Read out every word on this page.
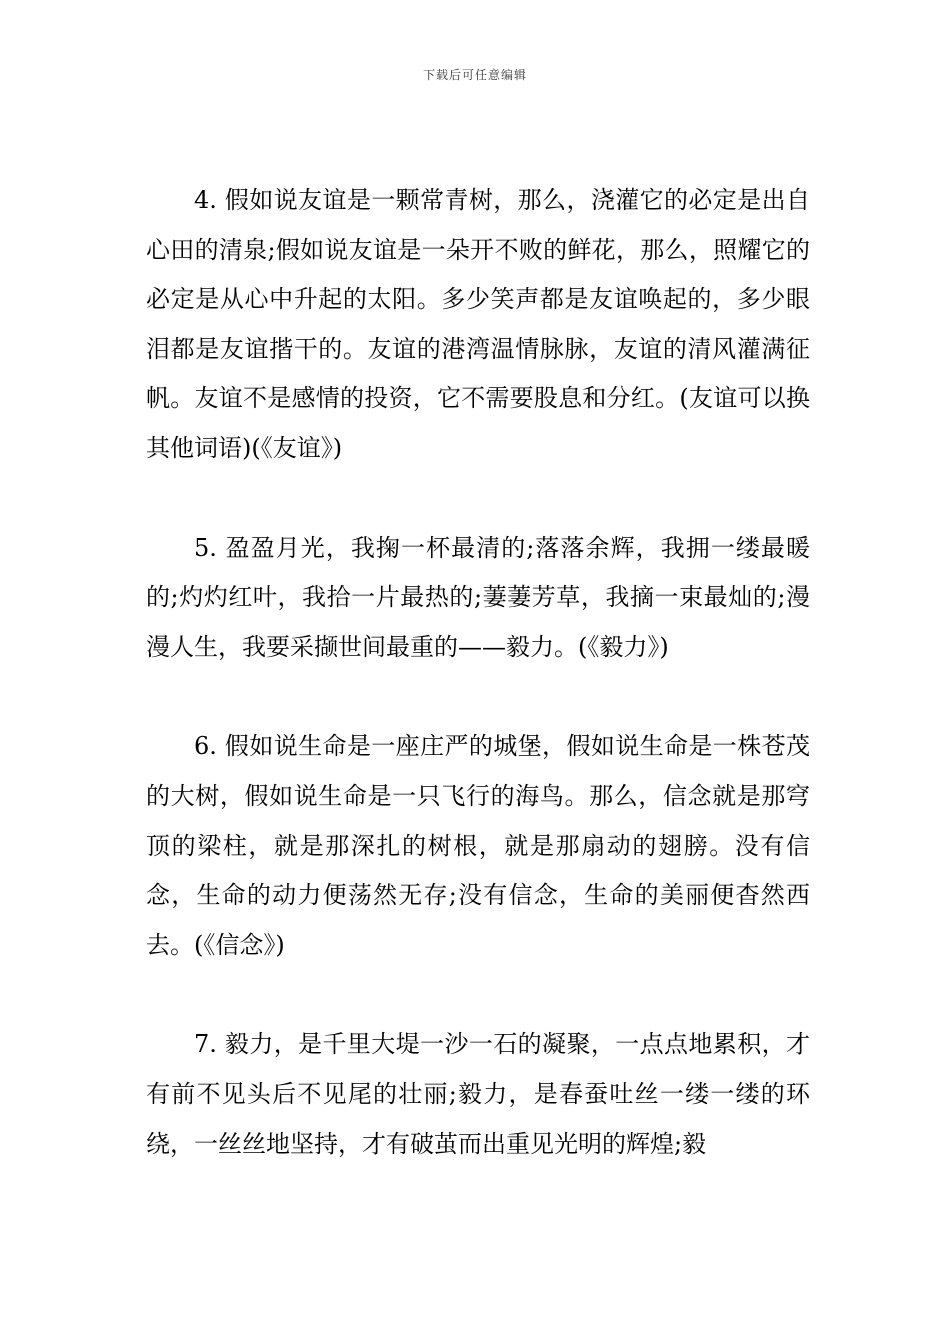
下载后可任意编辑

4. 假如说友谊是一颗常青树，那么，浇灌它的必定是出自心田的清泉;假如说友谊是一朵开不败的鲜花，那么，照耀它的必定是从心中升起的太阳。多少笑声都是友谊唤起的，多少眼泪都是友谊揩干的。友谊的港湾温情脉脉，友谊的清风灌满征帆。友谊不是感情的投资，它不需要股息和分红。(友谊可以换其他词语)(《友谊》)

5. 盈盈月光，我掬一杯最清的;落落余辉，我拥一缕最暖的;灼灼红叶，我拾一片最热的;萋萋芳草，我摘一束最灿的;漫漫人生，我要采撷世间最重的——毅力。(《毅力》)

6. 假如说生命是一座庄严的城堡，假如说生命是一株苍茂的大树，假如说生命是一只飞行的海鸟。那么，信念就是那穹顶的梁柱，就是那深扎的树根，就是那扇动的翅膀。没有信念，生命的动力便荡然无存;没有信念，生命的美丽便杳然西去。(《信念》)

7. 毅力，是千里大堤一沙一石的凝聚，一点点地累积，才有前不见头后不见尾的壮丽;毅力，是春蚕吐丝一缕一缕的环绕，一丝丝地坚持，才有破茧而出重见光明的辉煌;毅
